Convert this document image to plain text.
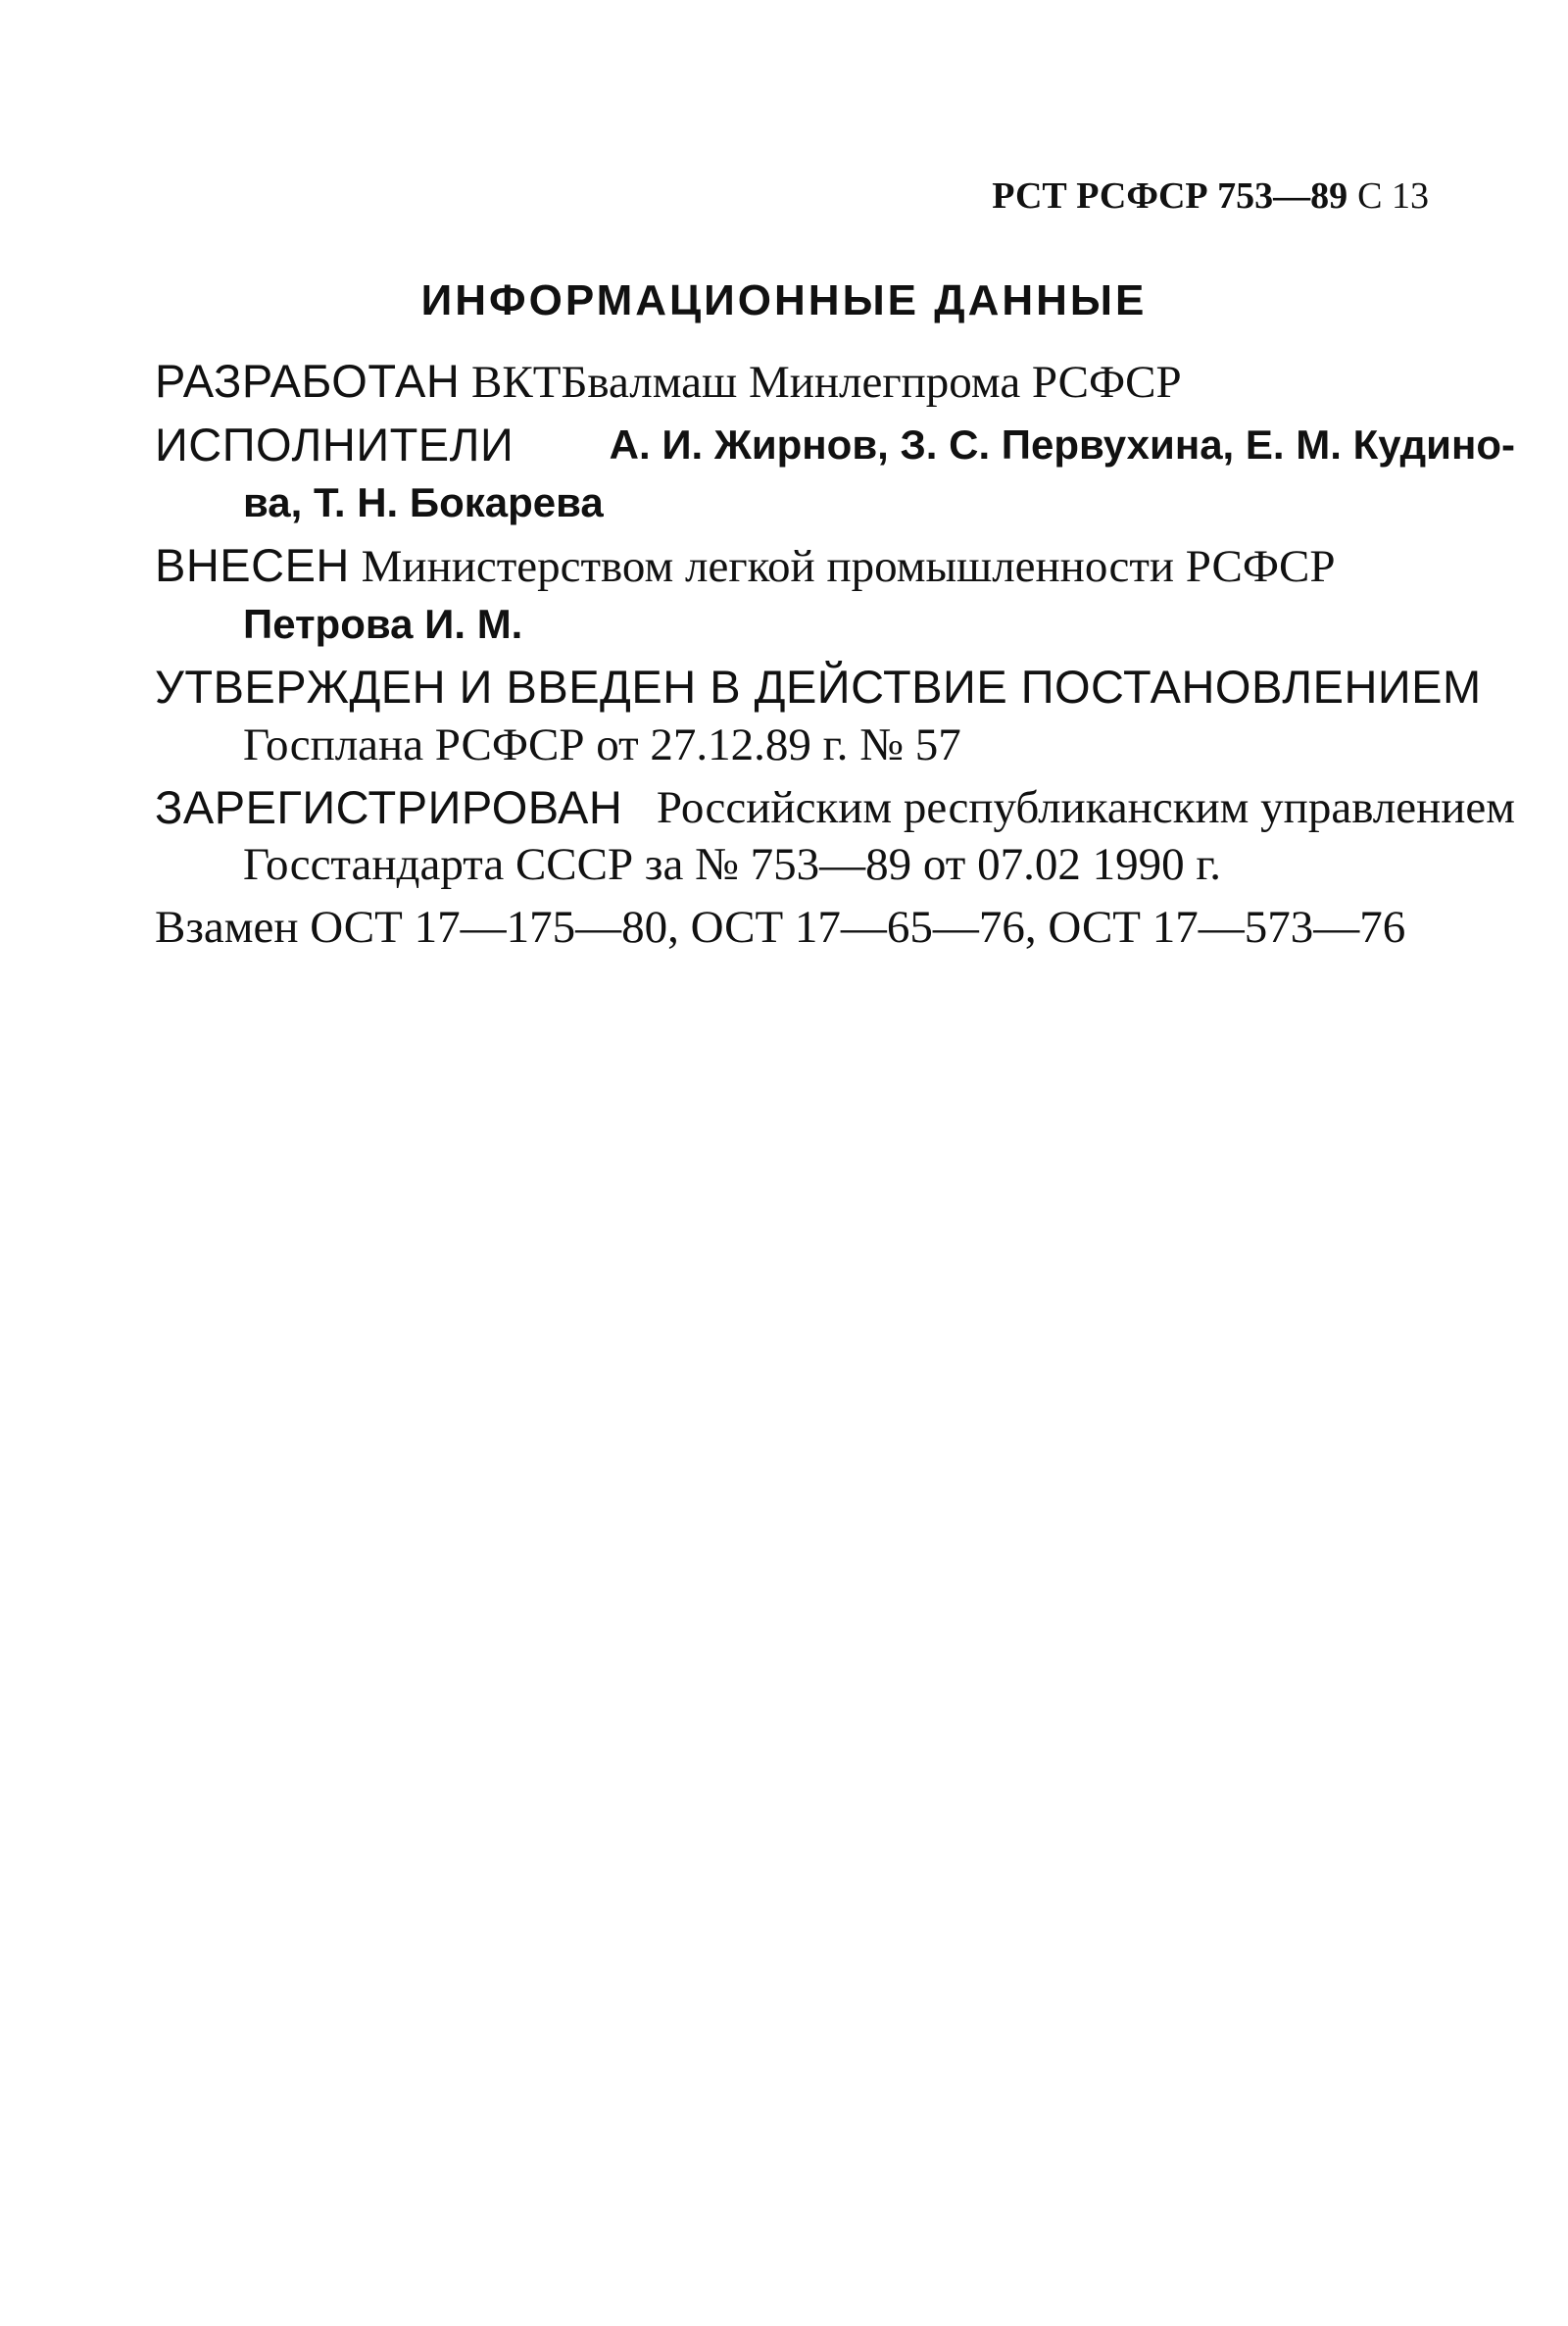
РСТ РСФСР 753—89 С 13
ИНФОРМАЦИОННЫЕ ДАННЫЕ
РАЗРАБОТАН ВКТБвалмаш Минлегпрома РСФСР
ИСПОЛНИТЕЛИ А. И. Жирнов, З. С. Первухина, Е. М. Кудино-
ва, Т. Н. Бокарева
ВНЕСЕН Министерством легкой промышленности РСФСР
Петрова И. М.
УТВЕРЖДЕН И ВВЕДЕН В ДЕЙСТВИЕ ПОСТАНОВЛЕНИЕМ
Госплана РСФСР от 27.12.89 г. № 57
ЗАРЕГИСТРИРОВАН Российским республиканским управлением
Госстандарта СССР за № 753—89 от 07.02 1990 г.
Взамен ОСТ 17—175—80, ОСТ 17—65—76, ОСТ 17—573—76
